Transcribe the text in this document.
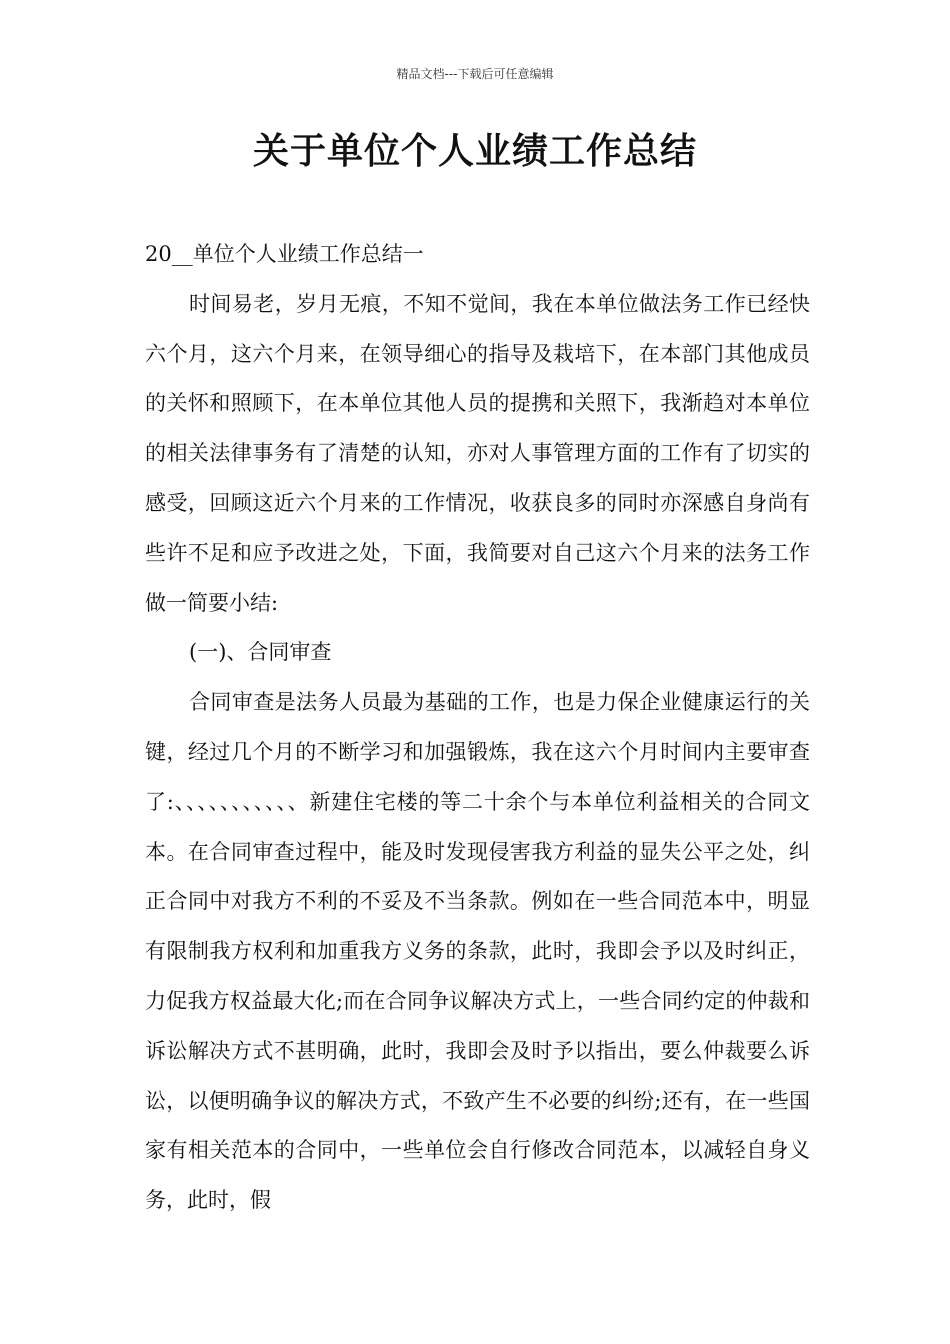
精品文档---下载后可任意编辑
关于单位个人业绩工作总结

20__单位个人业绩工作总结一

时间易老，岁月无痕，不知不觉间，我在本单位做法务工作已经快六个月，这六个月来，在领导细心的指导及栽培下，在本部门其他成员的关怀和照顾下，在本单位其他人员的提携和关照下，我渐趋对本单位的相关法律事务有了清楚的认知，亦对人事管理方面的工作有了切实的感受，回顾这近六个月来的工作情况，收获良多的同时亦深感自身尚有些许不足和应予改进之处，下面，我简要对自己这六个月来的法务工作做一简要小结:

(一)、合同审查

合同审查是法务人员最为基础的工作，也是力保企业健康运行的关键，经过几个月的不断学习和加强锻炼，我在这六个月时间内主要审查了:、、、、、、、、、、、新建住宅楼的等二十余个与本单位利益相关的合同文本。在合同审查过程中，能及时发现侵害我方利益的显失公平之处，纠正合同中对我方不利的不妥及不当条款。例如在一些合同范本中，明显有限制我方权利和加重我方义务的条款，此时，我即会予以及时纠正，力促我方权益最大化;而在合同争议解决方式上，一些合同约定的仲裁和诉讼解决方式不甚明确，此时，我即会及时予以指出，要么仲裁要么诉讼，以便明确争议的解决方式，不致产生不必要的纠纷;还有，在一些国家有相关范本的合同中，一些单位会自行修改合同范本，以减轻自身义务，此时，假
